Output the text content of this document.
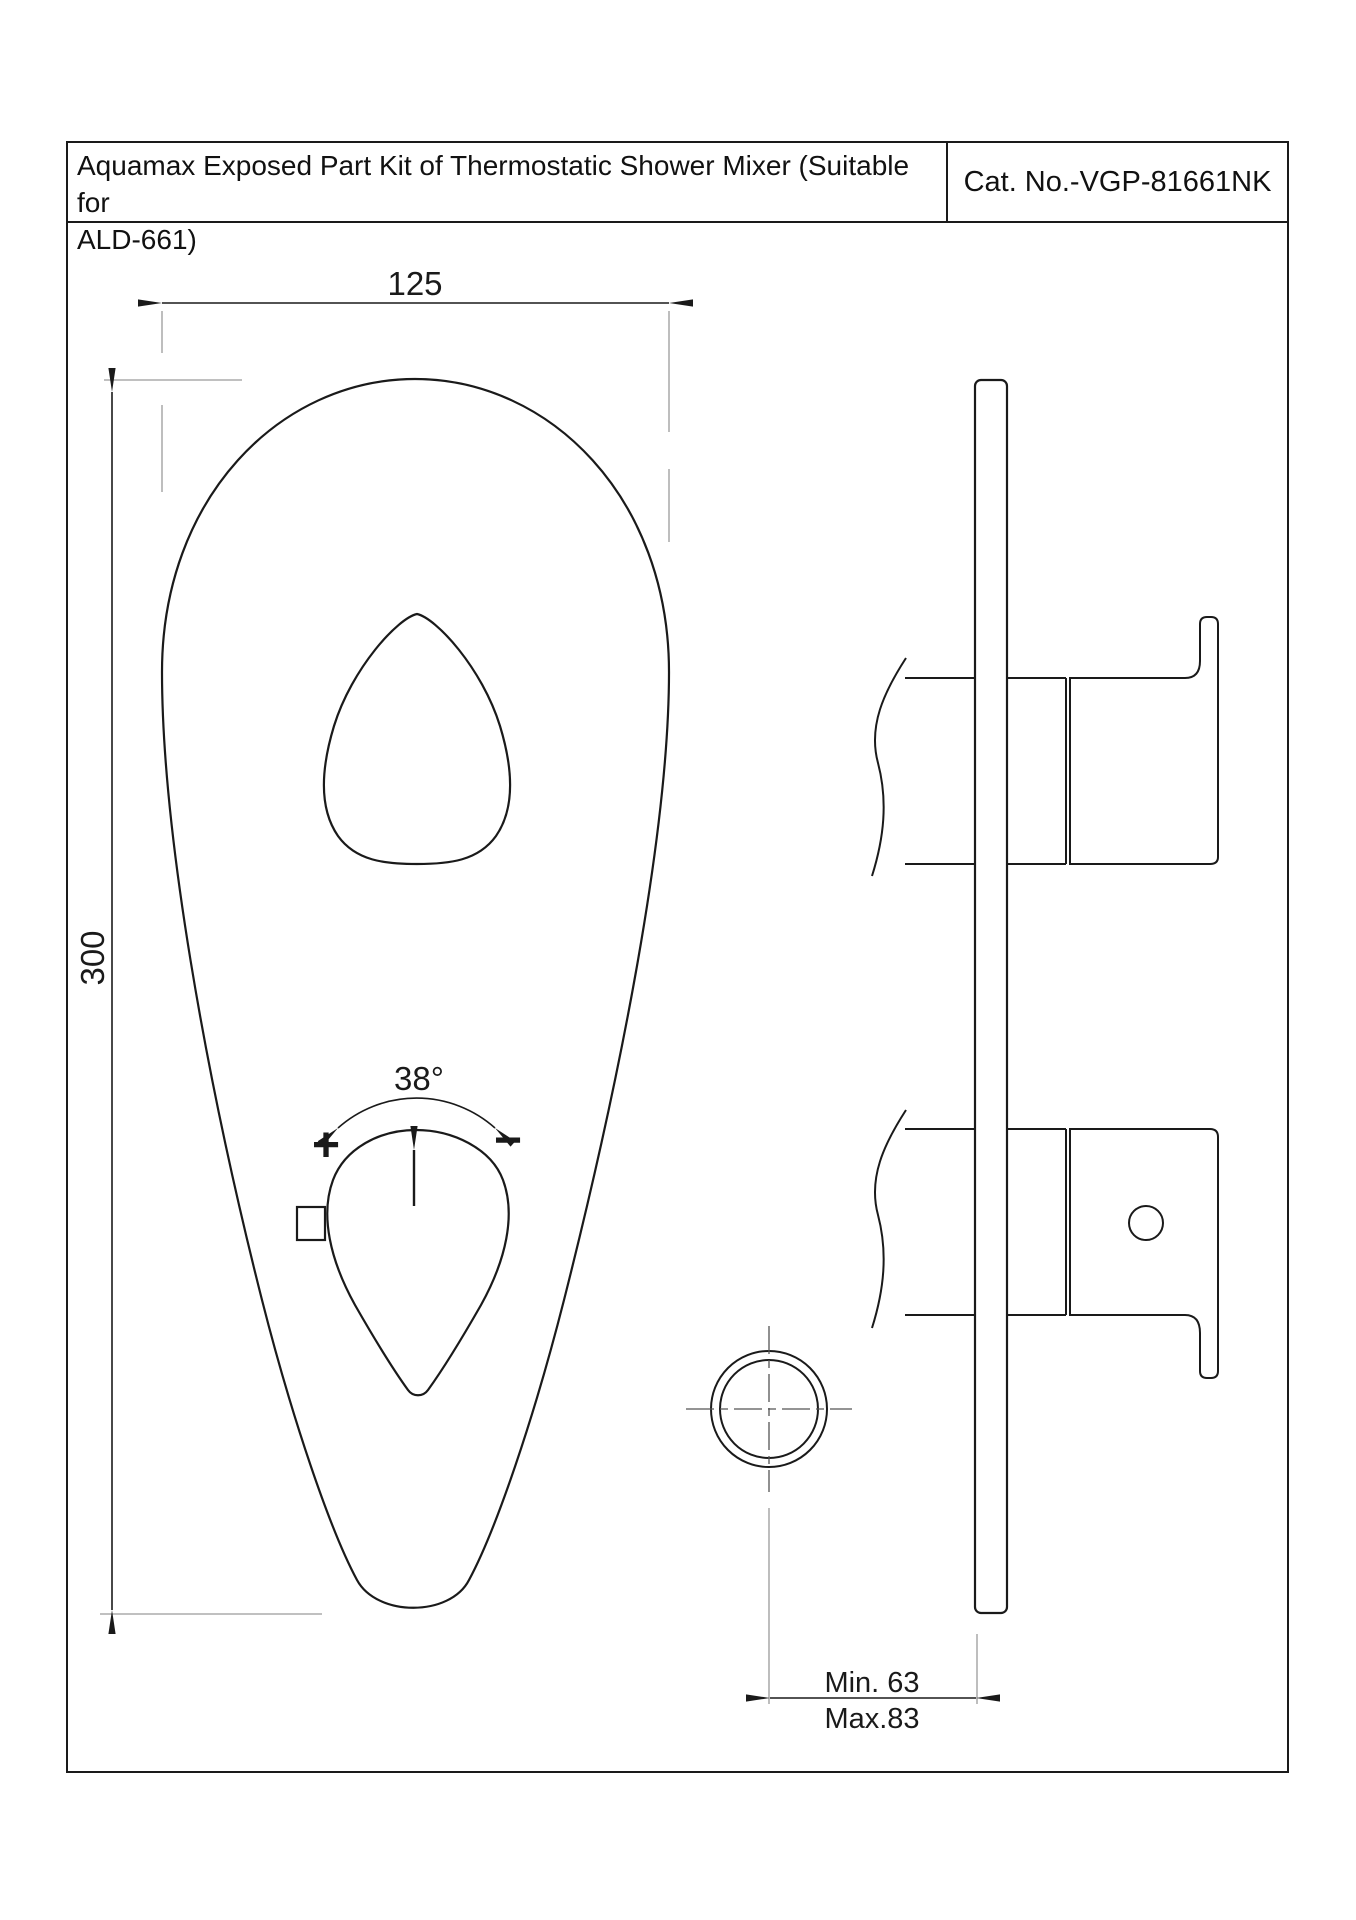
Aquamax Exposed Part Kit of Thermostatic Shower Mixer (Suitable for
ALD-661)
Cat. No.-VGP-81661NK
38°
+	−
125
300
Min. 63
Max.83
